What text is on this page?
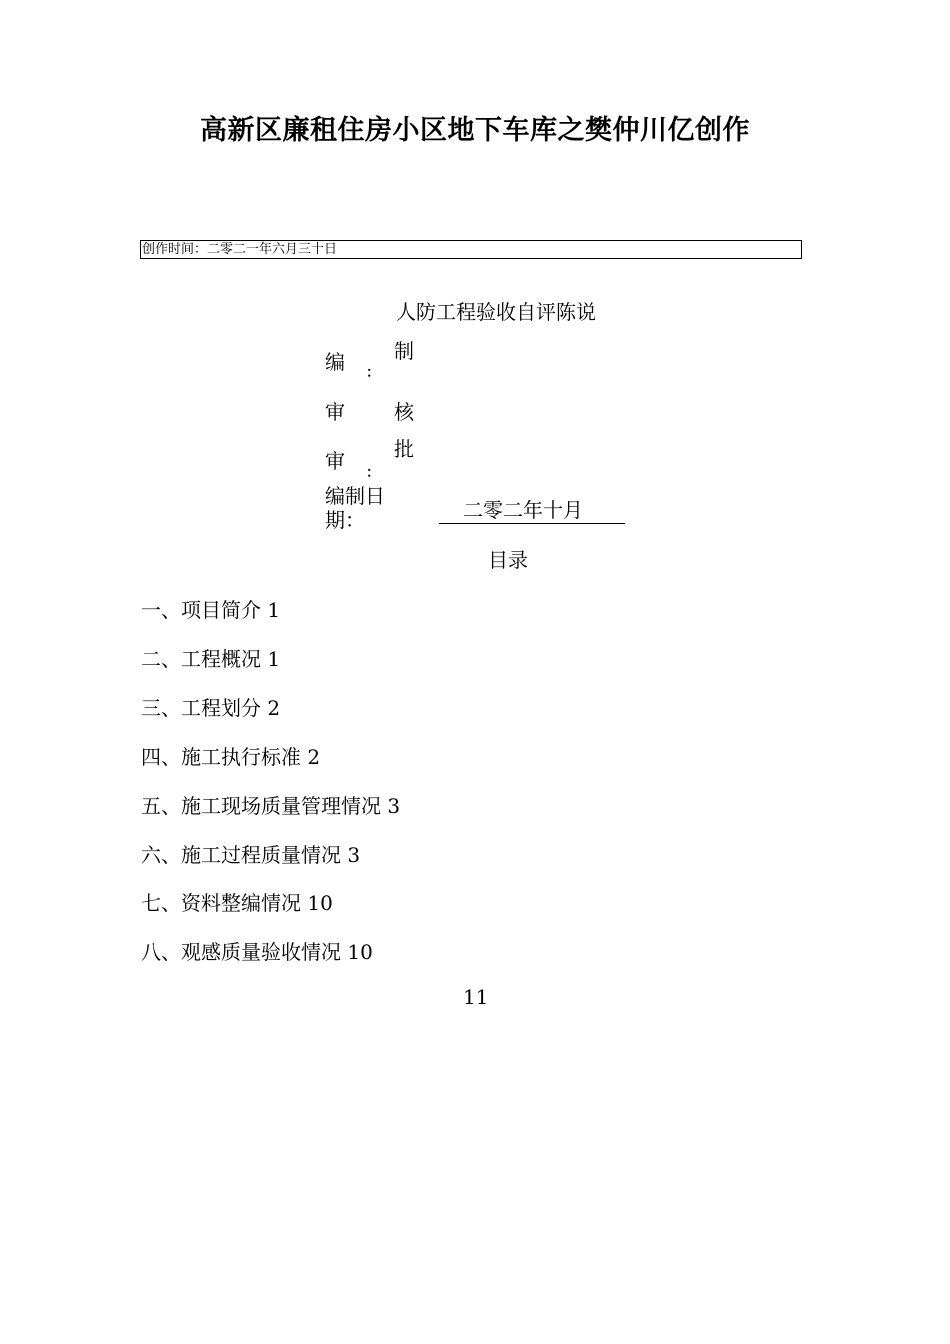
高新区廉租住房小区地下车库之樊仲川亿创作
创作时间：二零二一年六月三十日
人防工程验收自评陈说
编 制
：
审 核
审 批
：
编制日期：	二零二年十月
目录
一、项目简介 1
二、工程概况 1
三、工程划分 2
四、施工执行标准 2
五、施工现场质量管理情况 3
六、施工过程质量情况 3
七、资料整编情况 10
八、观感质量验收情况 10
11
